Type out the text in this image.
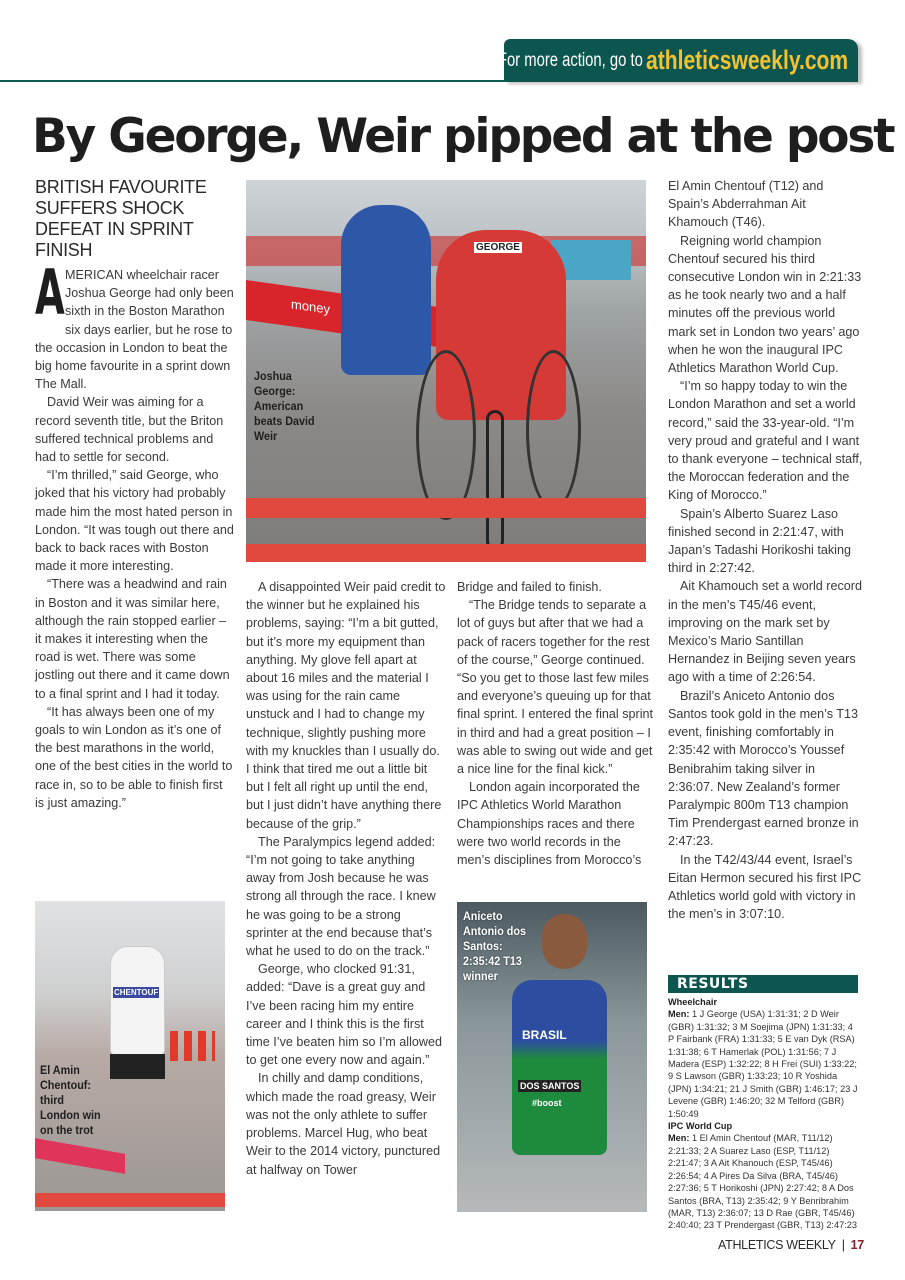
For more action, go to athleticsweekly.com
By George, Weir pipped at the post
BRITISH FAVOURITE SUFFERS SHOCK DEFEAT IN SPRINT FINISH
A MERICAN wheelchair racer Joshua George had only been sixth in the Boston Marathon six days earlier, but he rose to the occasion in London to beat the big home favourite in a sprint down The Mall.

David Weir was aiming for a record seventh title, but the Briton suffered technical problems and had to settle for second.

“I’m thrilled,” said George, who joked that his victory had probably made him the most hated person in London. “It was tough out there and back to back races with Boston made it more interesting.

“There was a headwind and rain in Boston and it was similar here, although the rain stopped earlier – it makes it interesting when the road is wet. There was some jostling out there and it came down to a final sprint and I had it today.

“It has always been one of my goals to win London as it’s one of the best marathons in the world, one of the best cities in the world to race in, so to be able to finish first is just amazing.”

money
GEORGE
Joshua George: American beats David Weir

A disappointed Weir paid credit to the winner but he explained his problems, saying: “I’m a bit gutted, but it’s more my equipment than anything. My glove fell apart at about 16 miles and the material I was using for the rain came unstuck and I had to change my technique, slightly pushing more with my knuckles than I usually do. I think that tired me out a little bit but I felt all right up until the end, but I just didn’t have anything there because of the grip.”

The Paralympics legend added: “I’m not going to take anything away from Josh because he was strong all through the race. I knew he was going to be a strong sprinter at the end because that’s what he used to do on the track.”

George, who clocked 91:31, added: “Dave is a great guy and I’ve been racing him my entire career and I think this is the first time I’ve beaten him so I’m allowed to get one every now and again.”

In chilly and damp conditions, which made the road greasy, Weir was not the only athlete to suffer problems. Marcel Hug, who beat Weir to the 2014 victory, punctured at halfway on Tower

Bridge and failed to finish.

“The Bridge tends to separate a lot of guys but after that we had a pack of racers together for the rest of the course,” George continued. “So you get to those last few miles and everyone’s queuing up for that final sprint. I entered the final sprint in third and had a great position – I was able to swing out wide and get a nice line for the final kick.”

London again incorporated the IPC Athletics World Marathon Championships races and there were two world records in the men’s disciplines from Morocco’s

El Amin Chentouf (T12) and Spain’s Abderrahman Ait Khamouch (T46).

Reigning world champion Chentouf secured his third consecutive London win in 2:21:33 as he took nearly two and a half minutes off the previous world mark set in London two years’ ago when he won the inaugural IPC Athletics Marathon World Cup.

“I’m so happy today to win the London Marathon and set a world record,” said the 33-year-old. “I’m very proud and grateful and I want to thank everyone – technical staff, the Moroccan federation and the King of Morocco.”

Spain’s Alberto Suarez Laso finished second in 2:21:47, with Japan’s Tadashi Horikoshi taking third in 2:27:42.

Ait Khamouch set a world record in the men’s T45/46 event, improving on the mark set by Mexico’s Mario Santillan Hernandez in Beijing seven years ago with a time of 2:26:54.

Brazil’s Aniceto Antonio dos Santos took gold in the men’s T13 event, finishing comfortably in 2:35:42 with Morocco’s Youssef Benibrahim taking silver in 2:36:07. New Zealand’s former Paralympic 800m T13 champion Tim Prendergast earned bronze in 2:47:23.

In the T42/43/44 event, Israel’s Eitan Hermon secured his first IPC Athletics world gold with victory in the men’s in 3:07:10.

CHENTOUF
El Amin Chentouf: third London win on the trot
BRASIL
DOS SANTOS
#boost
Aniceto Antonio dos Santos: 2:35:42 T13 winner	RESULTS
Wheelchair
Men: 1 J George (USA) 1:31:31; 2 D Weir (GBR) 1:31:32; 3 M Soejima (JPN) 1:31:33; 4 P Fairbank (FRA) 1:31:33; 5 E van Dyk (RSA) 1:31:38; 6 T Hamerlak (POL) 1:31:56; 7 J Madera (ESP) 1:32:22; 8 H Frei (SUI) 1:33:22; 9 S Lawson (GBR) 1:33:23; 10 R Yoshida (JPN) 1:34:21; 21 J Smith (GBR) 1:46:17; 23 J Levene (GBR) 1:46:20; 32 M Telford (GBR) 1:50:49
IPC World Cup
Men: 1 El Amin Chentouf (MAR, T11/12) 2:21:33; 2 A Suarez Laso (ESP, T11/12) 2:21:47; 3 A Ait Khanouch (ESP, T45/46) 2:26:54; 4 A Pires Da Silva (BRA, T45/46) 2:27:36; 5 T Horikoshi (JPN) 2:27:42; 8 A Dos Santos (BRA, T13) 2:35:42; 9 Y Benribrahim (MAR, T13) 2:36:07; 13 D Rae (GBR, T45/46) 2:40:40; 23 T Prendergast (GBR, T13) 2:47:23
ATHLETICS WEEKLY | 17
